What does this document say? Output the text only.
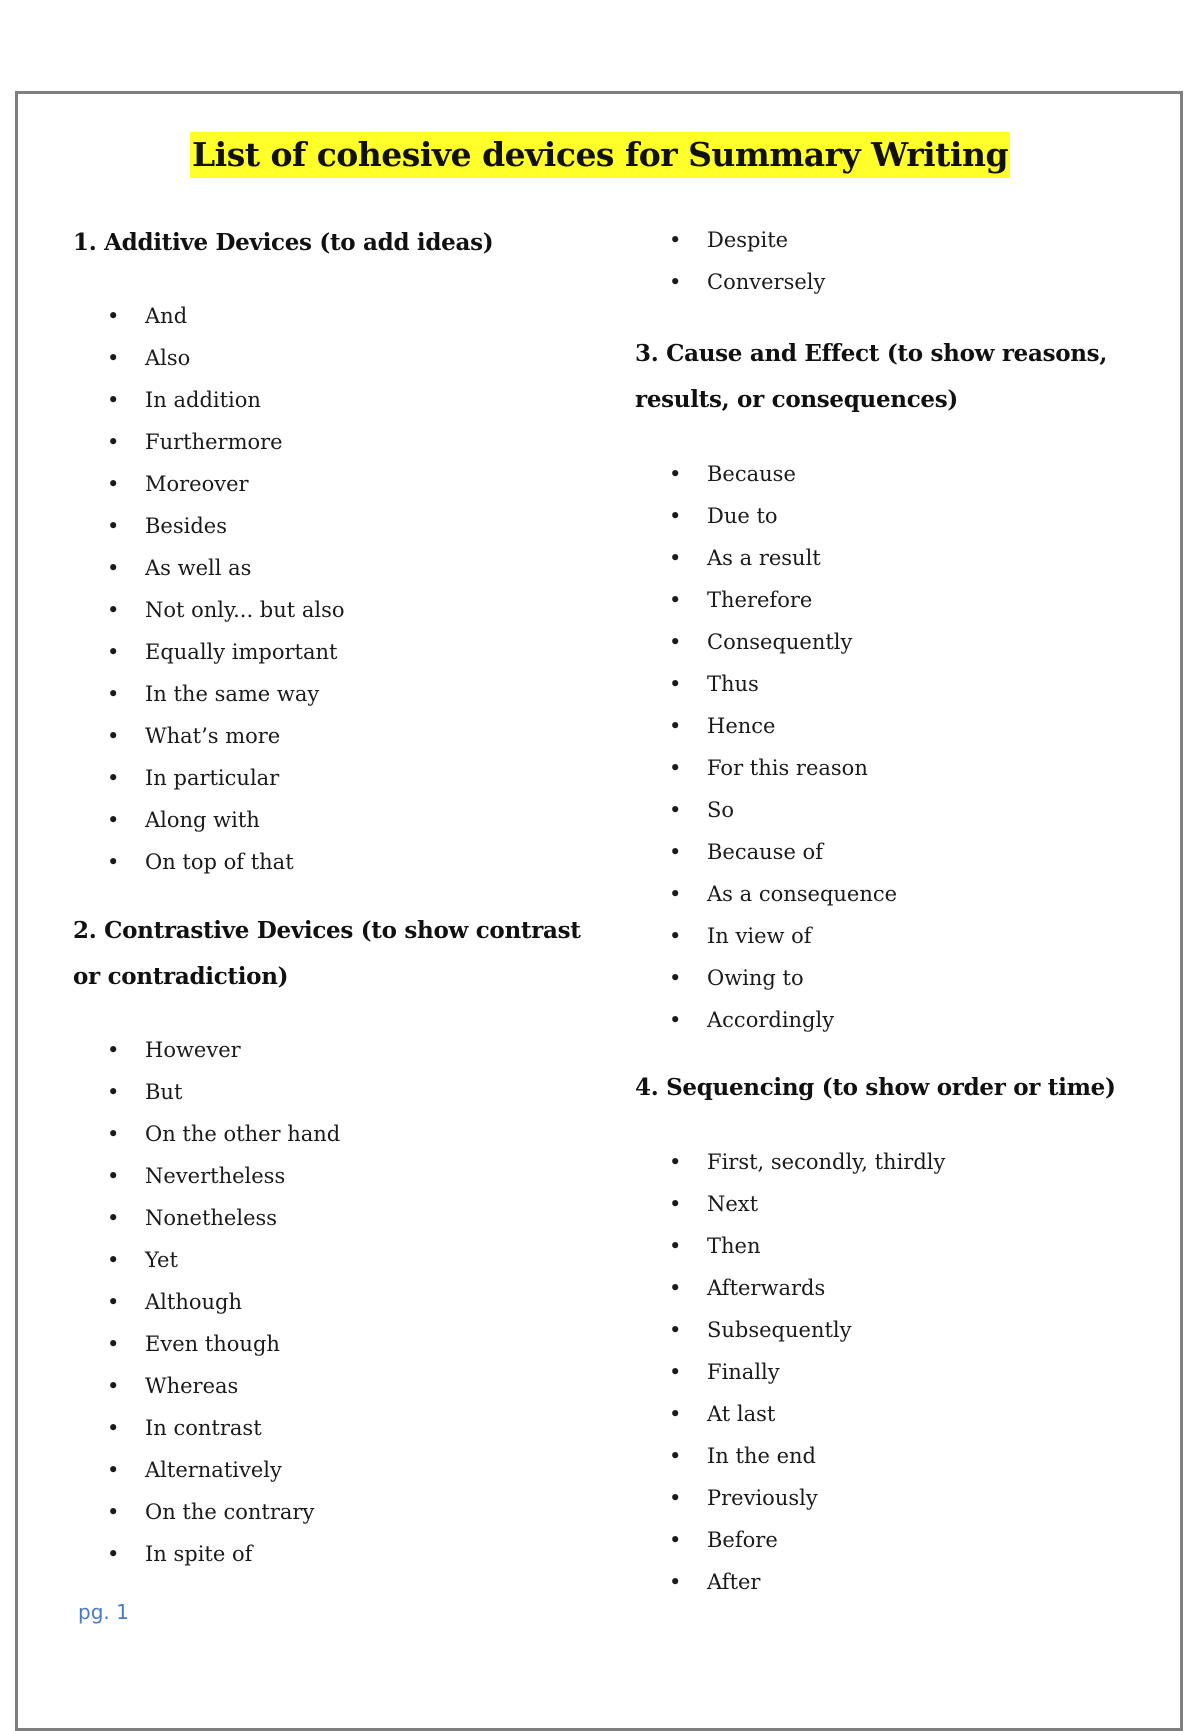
List of cohesive devices for Summary Writing
1. Additive Devices (to add ideas)
• And
• Also
• In addition
• Furthermore
• Moreover
• Besides
• As well as
• Not only... but also
• Equally important
• In the same way
• What’s more
• In particular
• Along with
• On top of that
2. Contrastive Devices (to show contrast
or contradiction)
• However
• But
• On the other hand
• Nevertheless
• Nonetheless
• Yet
• Although
• Even though
• Whereas
• In contrast
• Alternatively
• On the contrary
• In spite of
• Despite
• Conversely
3. Cause and Effect (to show reasons,
results, or consequences)
• Because
• Due to
• As a result
• Therefore
• Consequently
• Thus
• Hence
• For this reason
• So
• Because of
• As a consequence
• In view of
• Owing to
• Accordingly
4. Sequencing (to show order or time)
• First, secondly, thirdly
• Next
• Then
• Afterwards
• Subsequently
• Finally
• At last
• In the end
• Previously
• Before
• After
pg. 1
